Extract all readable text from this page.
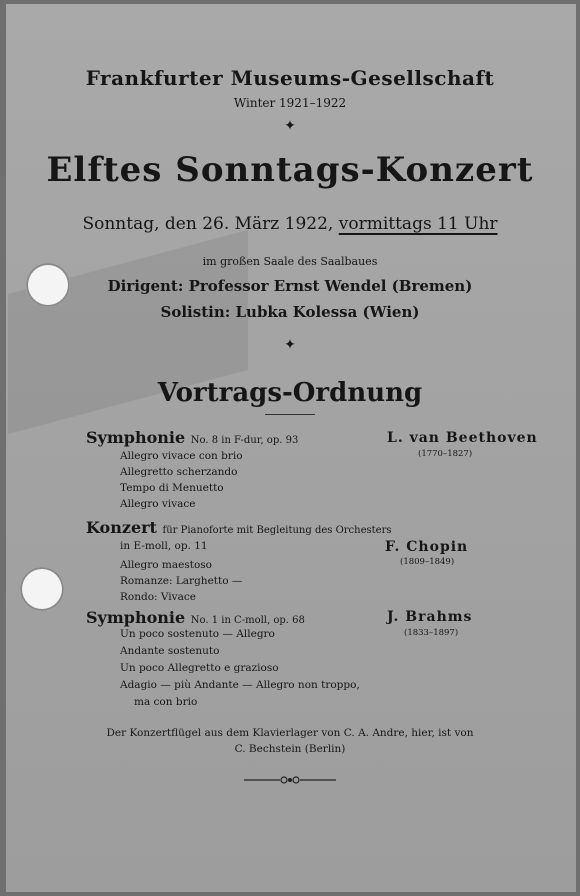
Frankfurter Museums-Gesellschaft
Winter 1921–1922
✦
Elftes Sonntags-Konzert
Sonntag, den 26. März 1922, vormittags 11 Uhr
im großen Saale des Saalbaues
Dirigent: Professor Ernst Wendel (Bremen)
Solistin: Lubka Kolessa (Wien)
✦
Vortrags-Ordnung
Symphonie No. 8 in F-dur, op. 93	L. van Beethoven
(1770–1827)
Allegro vivace con brio
Allegretto scherzando
Tempo di Menuetto
Allegro vivace
Konzert für Pianoforte mit Begleitung des Orchesters
in E-moll, op. 11	F. Chopin
(1809–1849)
Allegro maestoso
Romanze: Larghetto —
Rondo: Vivace
Symphonie No. 1 in C-moll, op. 68	J. Brahms
(1833–1897)
Un poco sostenuto — Allegro
Andante sostenuto
Un poco Allegretto e grazioso
Adagio — più Andante — Allegro non troppo,
ma con brio
Der Konzertflügel aus dem Klavierlager von C. A. Andre, hier, ist von
C. Bechstein (Berlin)
